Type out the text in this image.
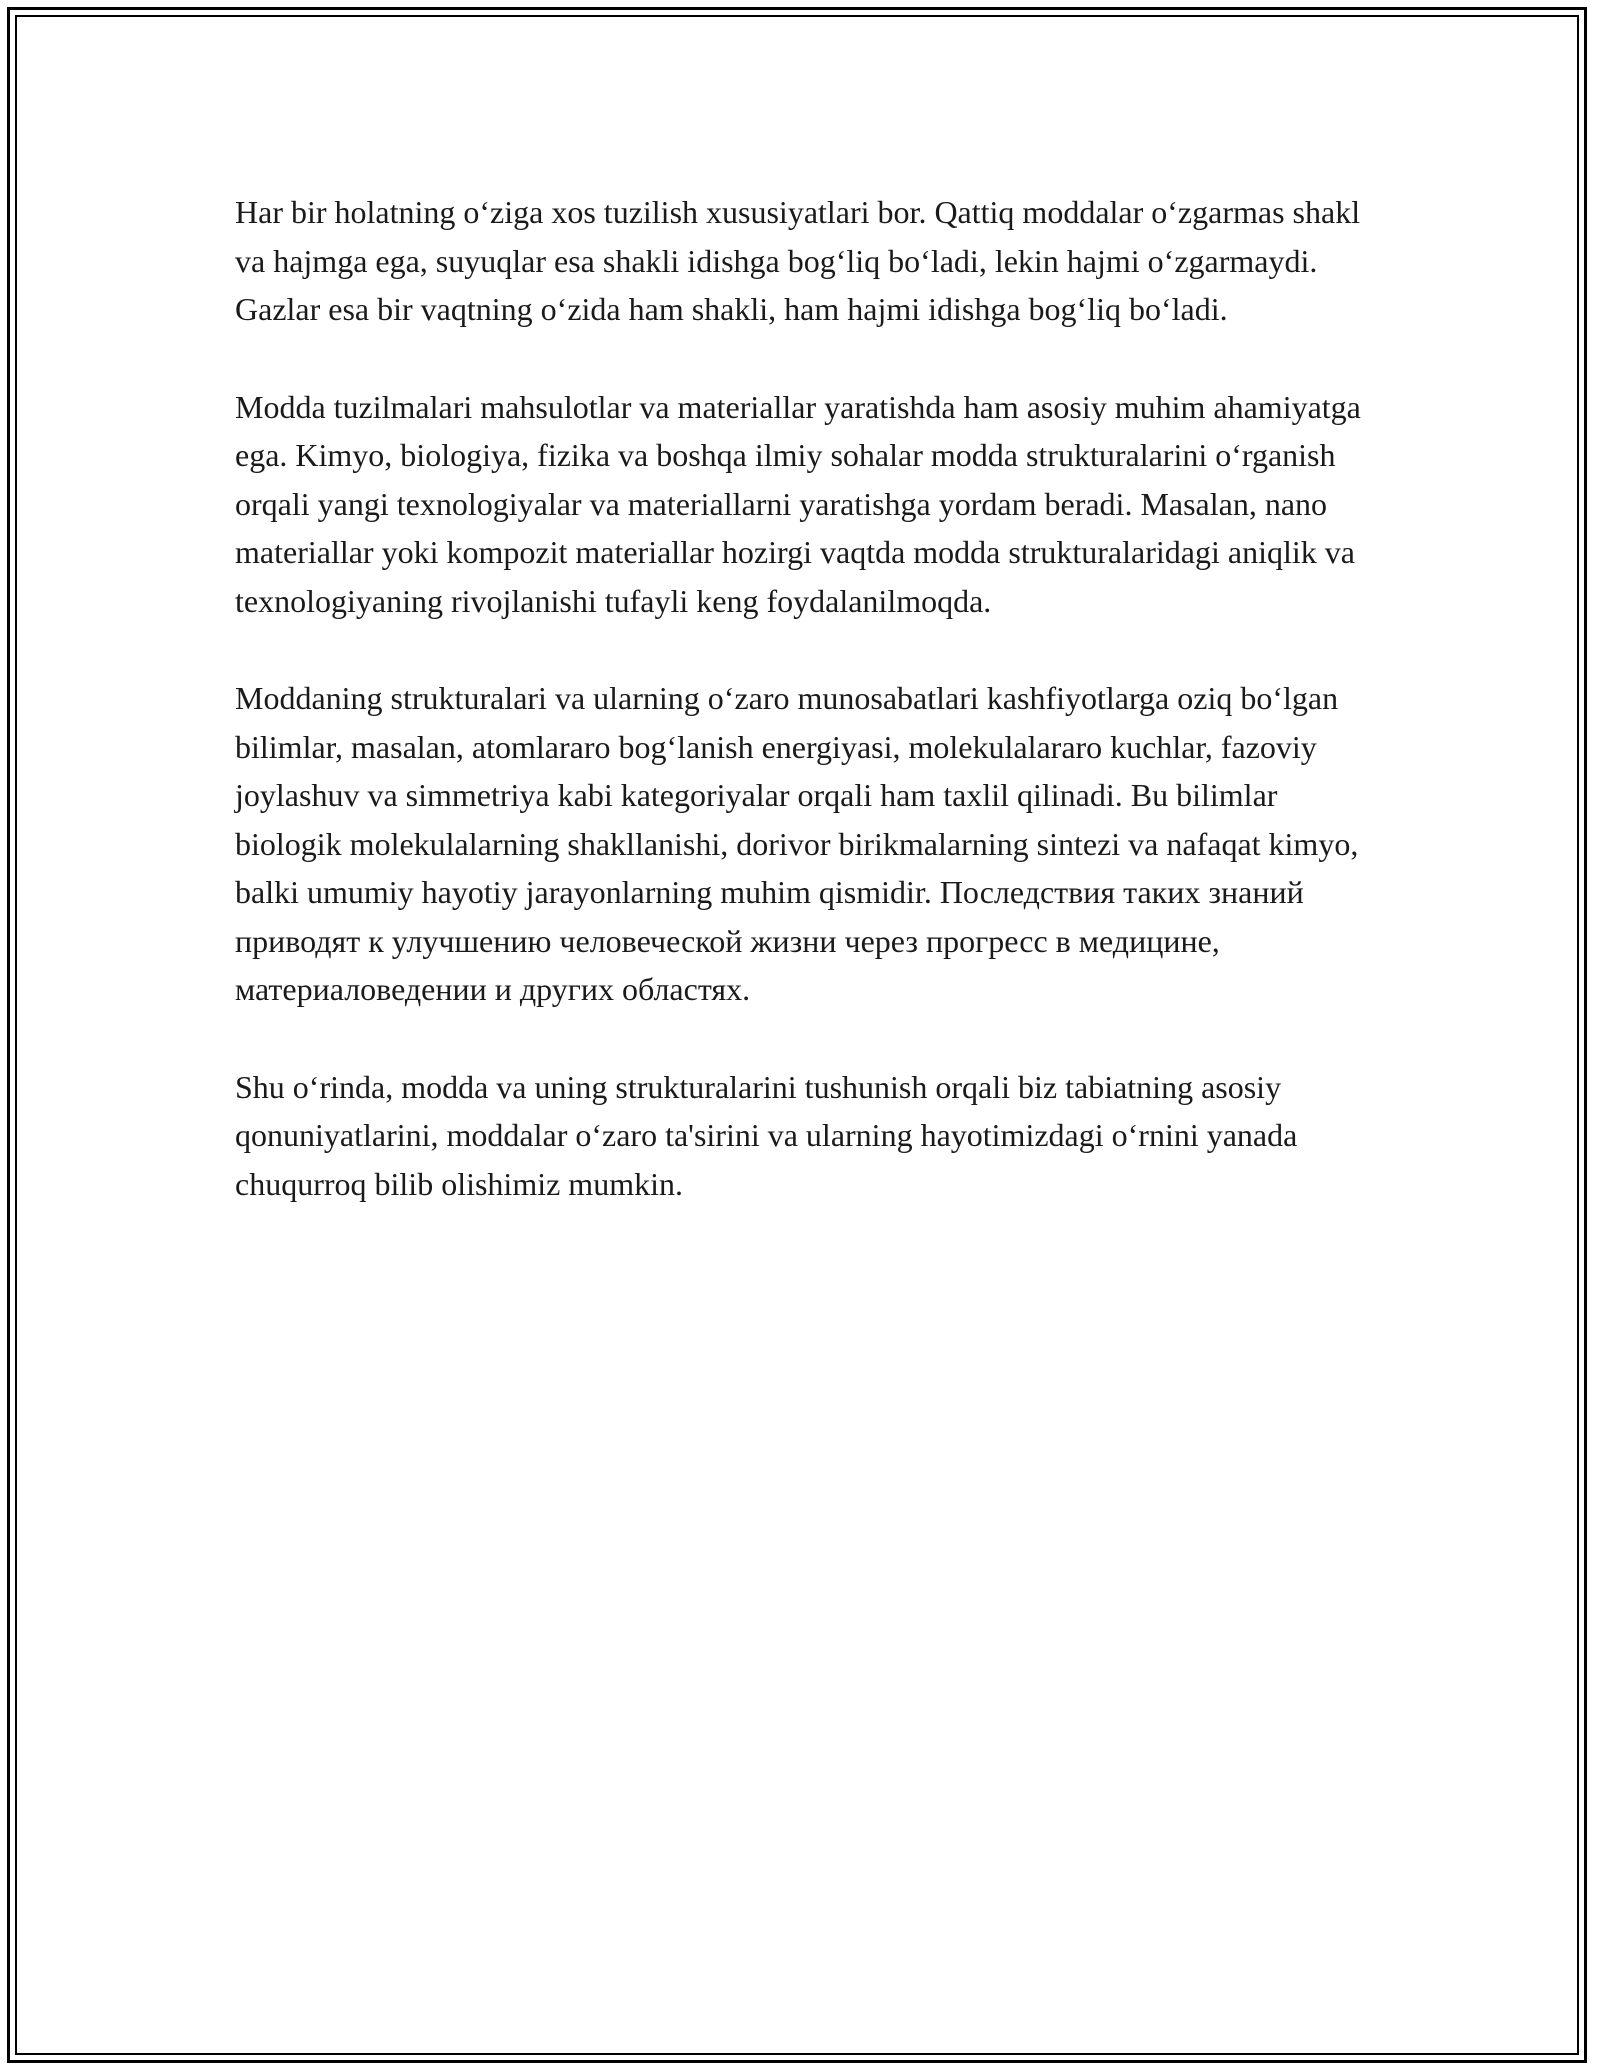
Har bir holatning o‘ziga xos tuzilish xususiyatlari bor. Qattiq moddalar o‘zgarmas shakl va hajmga ega, suyuqlar esa shakli idishga bog‘liq bo‘ladi, lekin hajmi o‘zgarmaydi. Gazlar esa bir vaqtning o‘zida ham shakli, ham hajmi idishga bog‘liq bo‘ladi.

Modda tuzilmalari mahsulotlar va materiallar yaratishda ham asosiy muhim ahamiyatga ega. Kimyo, biologiya, fizika va boshqa ilmiy sohalar modda strukturalarini o‘rganish orqali yangi texnologiyalar va materiallarni yaratishga yordam beradi. Masalan, nano materiallar yoki kompozit materiallar hozirgi vaqtda modda strukturalaridagi aniqlik va texnologiyaning rivojlanishi tufayli keng foydalanilmoqda.

Moddaning strukturalari va ularning o‘zaro munosabatlari kashfiyotlarga oziq bo‘lgan bilimlar, masalan, atomlararo bog‘lanish energiyasi, molekulalararo kuchlar, fazoviy joylashuv va simmetriya kabi kategoriyalar orqali ham taxlil qilinadi. Bu bilimlar biologik molekulalarning shakllanishi, dorivor birikmalarning sintezi va nafaqat kimyo, balki umumiy hayotiy jarayonlarning muhim qismidir. Последствия таких знаний приводят к улучшению человеческой жизни через прогресс в медицине, материаловедении и других областях.

Shu o‘rinda, modda va uning strukturalarini tushunish orqali biz tabiatning asosiy qonuniyatlarini, moddalar o‘zaro ta'sirini va ularning hayotimizdagi o‘rnini yanada chuqurroq bilib olishimiz mumkin.
